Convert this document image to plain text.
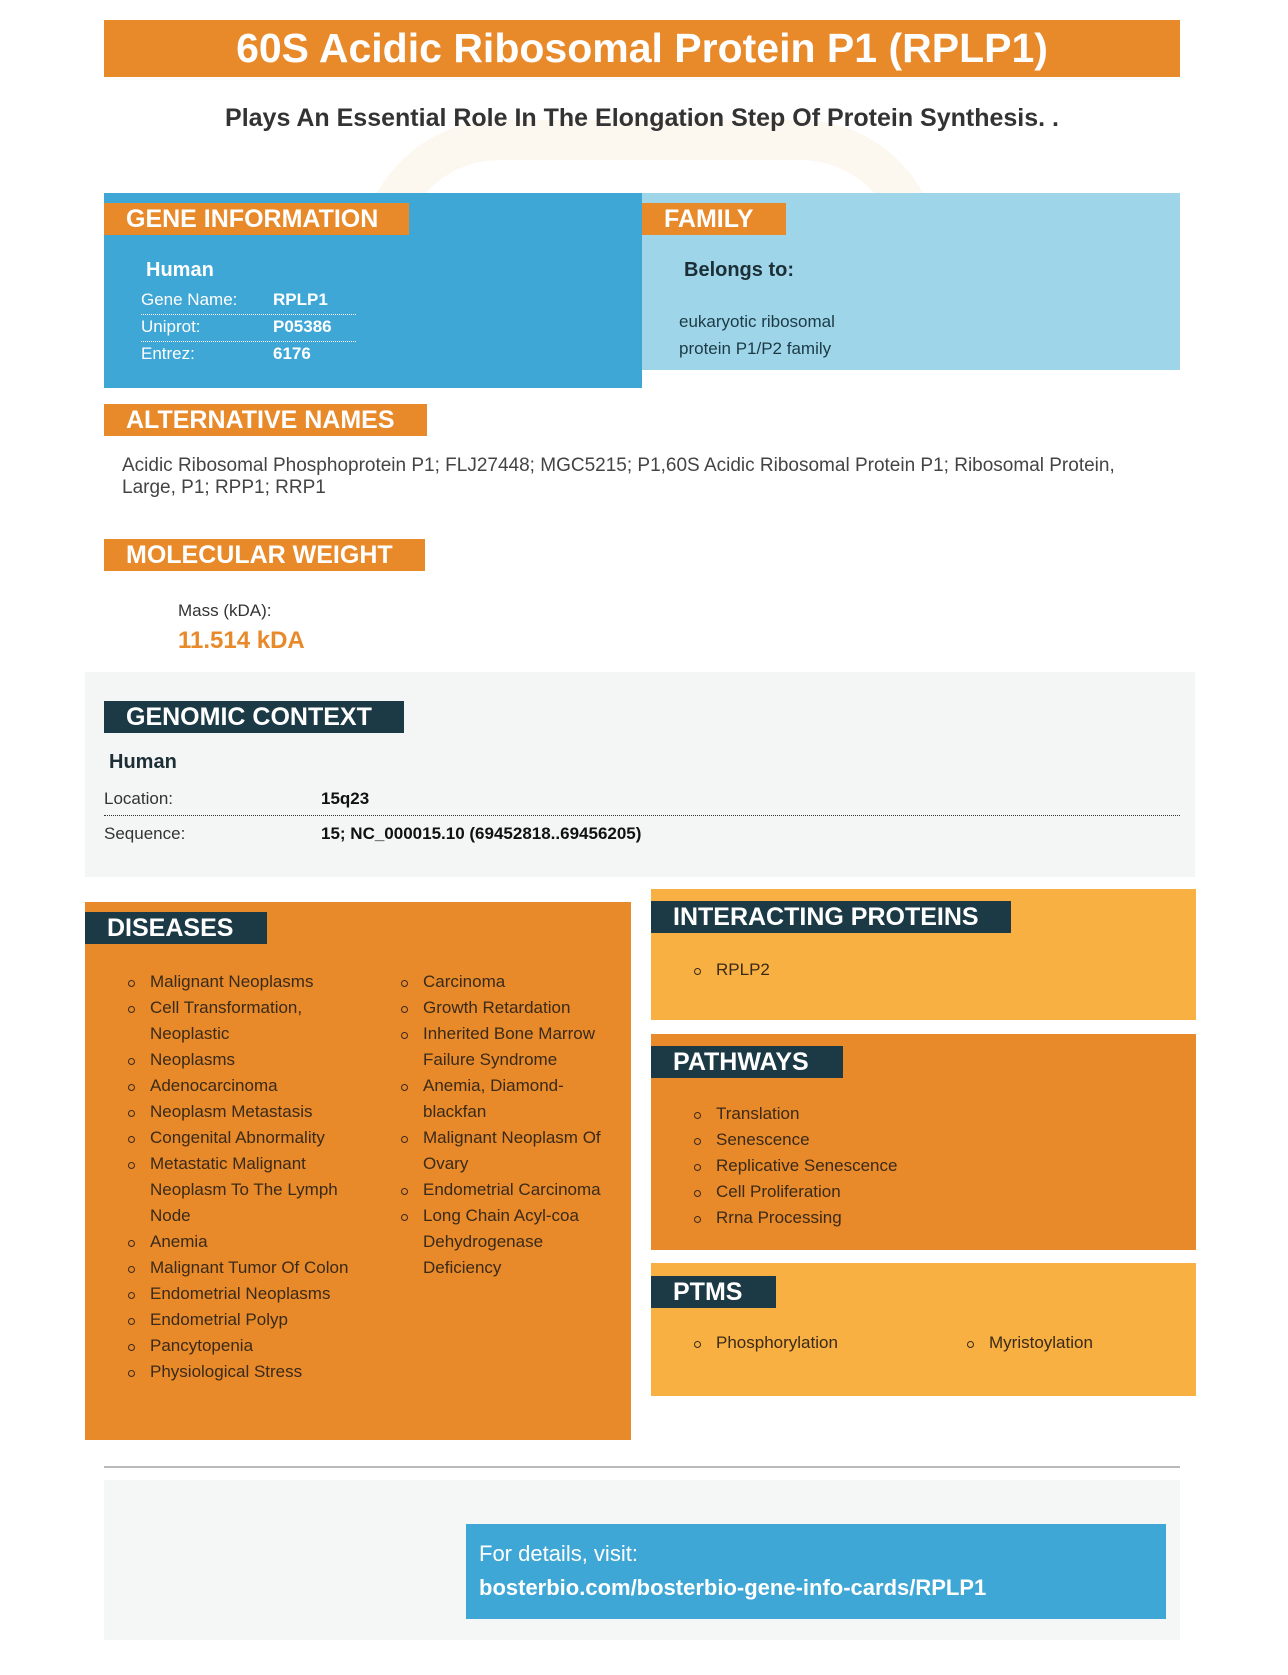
60S Acidic Ribosomal Protein P1 (RPLP1)
Plays An Essential Role In The Elongation Step Of Protein Synthesis. .
GENE INFORMATION
Human
Gene Name: RPLP1
Uniprot:	P05386
Entrez:	6176
FAMILY
Belongs to:
eukaryotic ribosomal
protein P1/P2 family
ALTERNATIVE NAMES
Acidic Ribosomal Phosphoprotein P1; FLJ27448; MGC5215; P1,60S Acidic Ribosomal Protein P1; Ribosomal Protein, Large, P1; RPP1; RRP1
MOLECULAR WEIGHT
Mass (kDA):
11.514 kDA
GENOMIC CONTEXT
Human
Location:	15q23
Sequence:	15; NC_000015.10 (69452818..69456205)
DISEASES
Malignant Neoplasms
Cell Transformation, Neoplastic
Neoplasms
Adenocarcinoma
Neoplasm Metastasis
Congenital Abnormality
Metastatic Malignant Neoplasm To The Lymph Node
Anemia
Malignant Tumor Of Colon
Endometrial Neoplasms
Endometrial Polyp
Pancytopenia
Physiological Stress
Carcinoma
Growth Retardation
Inherited Bone Marrow Failure Syndrome
Anemia, Diamond-blackfan
Malignant Neoplasm Of Ovary
Endometrial Carcinoma
Long Chain Acyl-coa Dehydrogenase Deficiency
INTERACTING PROTEINS
RPLP2
PATHWAYS
Translation
Senescence
Replicative Senescence
Cell Proliferation
Rrna Processing
PTMS
Phosphorylation	Myristoylation
For details, visit:
bosterbio.com/bosterbio-gene-info-cards/RPLP1
